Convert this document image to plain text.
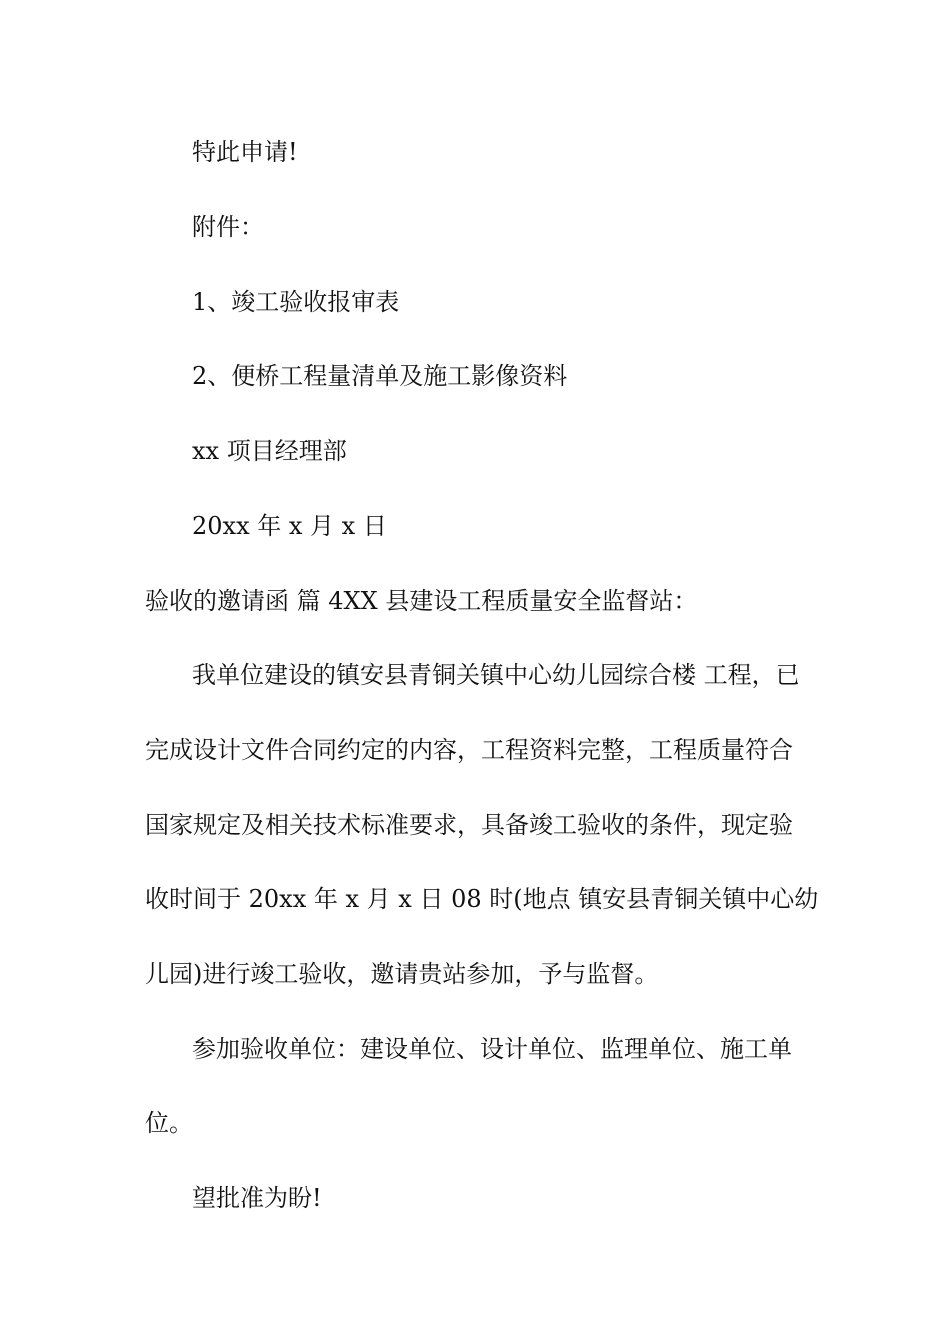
特此申请!

附件：

1、竣工验收报审表

2、便桥工程量清单及施工影像资料

xx 项目经理部

20xx 年 x 月 x 日

验收的邀请函 篇 4XX 县建设工程质量安全监督站：

我单位建设的镇安县青铜关镇中心幼儿园综合楼 工程，已

完成设计文件合同约定的内容，工程资料完整，工程质量符合

国家规定及相关技术标准要求，具备竣工验收的条件，现定验

收时间于 20xx 年 x 月 x 日 08 时(地点 镇安县青铜关镇中心幼

儿园)进行竣工验收，邀请贵站参加，予与监督。

参加验收单位：建设单位、设计单位、监理单位、施工单

位。

望批准为盼!
